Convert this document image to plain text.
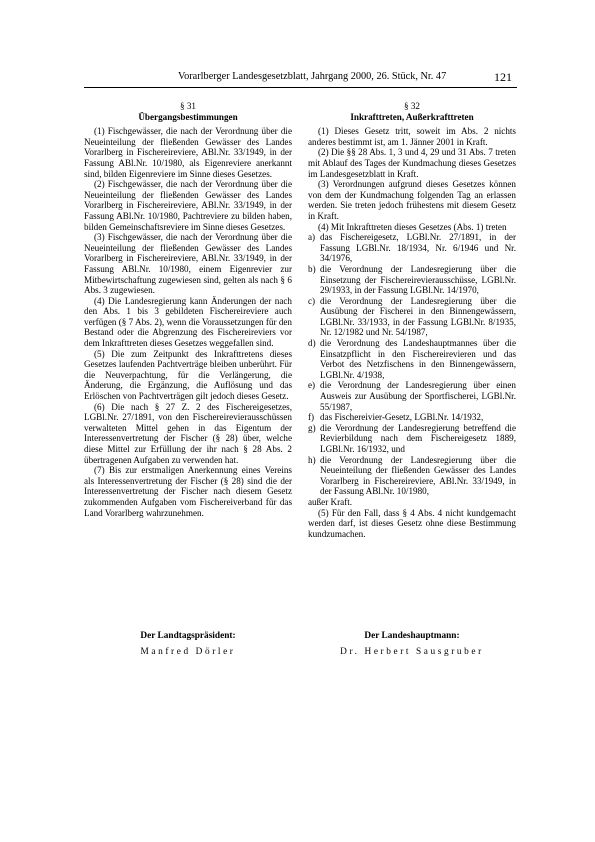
Vorarlberger Landesgesetzblatt, Jahrgang 2000, 26. Stück, Nr. 47	121
§ 31
Übergangsbestimmungen

(1) Fischgewässer, die nach der Verordnung über die Neueinteilung der fließenden Gewässer des Landes Vorarlberg in Fischereireviere, ABl.Nr. 33/1949, in der Fassung ABl.Nr. 10/1980, als Eigenreviere anerkannt sind, bilden Eigenreviere im Sinne dieses Gesetzes.

(2) Fischgewässer, die nach der Verordnung über die Neueinteilung der fließenden Gewässer des Landes Vorarlberg in Fischereireviere, ABl.Nr. 33/1949, in der Fassung ABl.Nr. 10/1980, Pachtreviere zu bilden haben, bilden Gemeinschaftsreviere im Sinne dieses Gesetzes.

(3) Fischgewässer, die nach der Verordnung über die Neueinteilung der fließenden Gewässer des Landes Vorarlberg in Fischereireviere, ABl.Nr. 33/1949, in der Fassung ABl.Nr. 10/1980, einem Eigenrevier zur Mitbewirtschaftung zugewiesen sind, gelten als nach § 6 Abs. 3 zugewiesen.

(4) Die Landesregierung kann Änderungen der nach den Abs. 1 bis 3 gebildeten Fischereireviere auch verfügen (§ 7 Abs. 2), wenn die Voraussetzungen für den Bestand oder die Abgrenzung des Fischereireviers vor dem Inkrafttreten dieses Gesetzes weggefallen sind.

(5) Die zum Zeitpunkt des Inkrafttretens dieses Gesetzes laufenden Pachtverträge bleiben unberührt. Für die Neuverpachtung, für die Verlängerung, die Änderung, die Ergänzung, die Auflösung und das Erlöschen von Pachtverträgen gilt jedoch dieses Gesetz.

(6) Die nach § 27 Z. 2 des Fischereigesetzes, LGBl.Nr. 27/1891, von den Fischereirevierausschüssen verwalteten Mittel gehen in das Eigentum der Interessenvertretung der Fischer (§ 28) über, welche diese Mittel zur Erfüllung der ihr nach § 28 Abs. 2 übertragenen Aufgaben zu verwenden hat.

(7) Bis zur erstmaligen Anerkennung eines Vereins als Interessenvertretung der Fischer (§ 28) sind die der Interessenvertretung der Fischer nach diesem Gesetz zukommenden Aufgaben vom Fischereiverband für das Land Vorarlberg wahrzunehmen.

§ 32
Inkrafttreten, Außerkrafttreten

(1) Dieses Gesetz tritt, soweit im Abs. 2 nichts anderes bestimmt ist, am 1. Jänner 2001 in Kraft.

(2) Die §§ 28 Abs. 1, 3 und 4, 29 und 31 Abs. 7 treten mit Ablauf des Tages der Kundmachung dieses Gesetzes im Landesgesetzblatt in Kraft.

(3) Verordnungen aufgrund dieses Gesetzes können von dem der Kundmachung folgenden Tag an erlassen werden. Sie treten jedoch frühestens mit diesem Gesetz in Kraft.

(4) Mit Inkrafttreten dieses Gesetzes (Abs. 1) treten

a) das Fischereigesetz, LGBl.Nr. 27/1891, in der Fassung LGBl.Nr. 18/1934, Nr. 6/1946 und Nr. 34/1976,
b) die Verordnung der Landesregierung über die Einsetzung der Fischereirevierausschüsse, LGBl.Nr. 29/1933, in der Fassung LGBl.Nr. 14/1970,
c) die Verordnung der Landesregierung über die Ausübung der Fischerei in den Binnengewässern, LGBl.Nr. 33/1933, in der Fassung LGBl.Nr. 8/1935, Nr. 12/1982 und Nr. 54/1987,
d) die Verordnung des Landeshauptmannes über die Einsatzpflicht in den Fischereirevieren und das Verbot des Netzfischens in den Binnengewässern, LGBl.Nr. 4/1938,
e) die Verordnung der Landesregierung über einen Ausweis zur Ausübung der Sportfischerei, LGBl.Nr. 55/1987,
f) das Fischereivier-Gesetz, LGBl.Nr. 14/1932,
g) die Verordnung der Landesregierung betreffend die Revierbildung nach dem Fischereigesetz 1889, LGBl.Nr. 16/1932, und
h) die Verordnung der Landesregierung über die Neueinteilung der fließenden Gewässer des Landes Vorarlberg in Fischereireviere, ABl.Nr. 33/1949, in der Fassung ABl.Nr. 10/1980,

außer Kraft.

(5) Für den Fall, dass § 4 Abs. 4 nicht kundgemacht werden darf, ist dieses Gesetz ohne diese Bestimmung kundzumachen.

Der Landtagspräsident:
Manfred Dörler
Der Landeshauptmann:
Dr. Herbert Sausgruber
